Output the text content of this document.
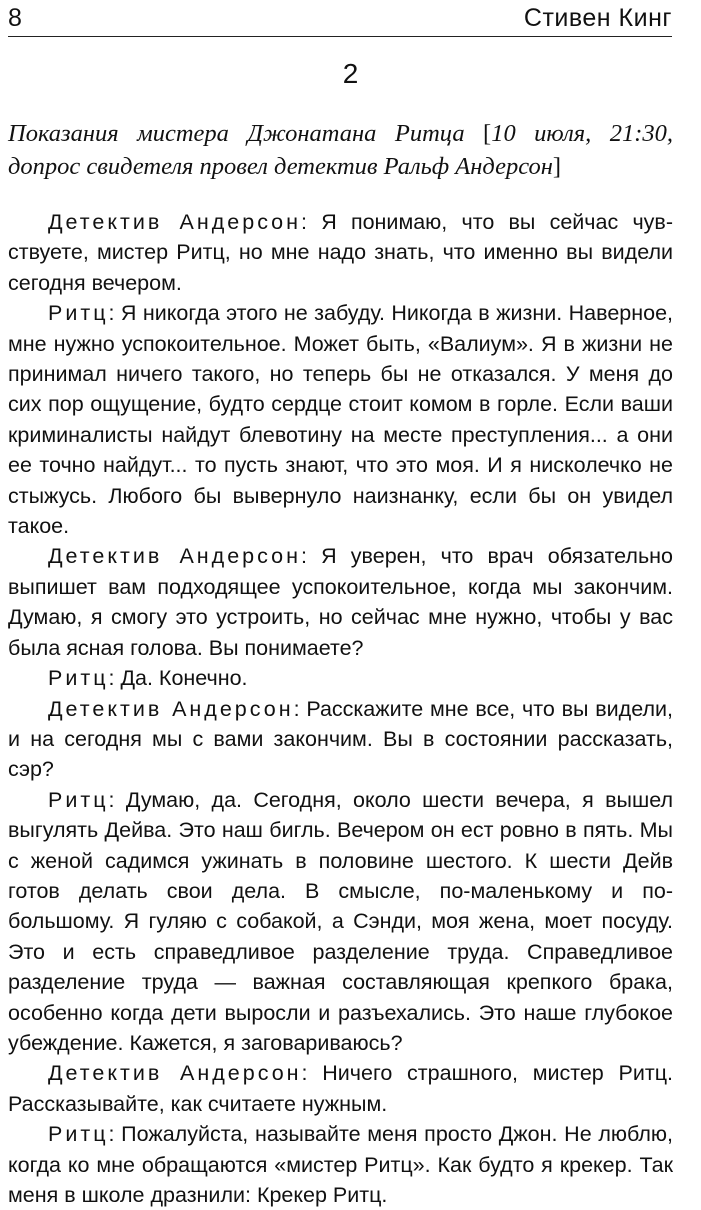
8	Стивен Кинг
2
Показания мистера Джонатана Ритца [10 июля, 21:30, допрос свидетеля провел детектив Ральф Андерсон]

Детектив Андерсон: Я понимаю, что вы сейчас чувствуете, мистер Ритц, но мне надо знать, что именно вы видели сегодня вечером.

Ритц: Я никогда этого не забуду. Никогда в жизни. Наверное, мне нужно успокоительное. Может быть, «Валиум». Я в жизни не принимал ничего такого, но теперь бы не отказался. У меня до сих пор ощущение, будто сердце стоит комом в горле. Если ваши криминалисты найдут блевотину на месте преступления... а они ее точно найдут... то пусть знают, что это моя. И я нисколечко не стыжусь. Любого бы вывернуло наизнанку, если бы он увидел такое.

Детектив Андерсон: Я уверен, что врач обязательно выпишет вам подходящее успокоительное, когда мы закончим. Думаю, я смогу это устроить, но сейчас мне нужно, чтобы у вас была ясная голова. Вы понимаете?

Ритц: Да. Конечно.

Детектив Андерсон: Расскажите мне все, что вы видели, и на сегодня мы с вами закончим. Вы в состоянии рассказать, сэр?

Ритц: Думаю, да. Сегодня, около шести вечера, я вышел выгулять Дейва. Это наш бигль. Вечером он ест ровно в пять. Мы с женой садимся ужинать в половине шестого. К шести Дейв готов делать свои дела. В смысле, по-маленькому и по-большому. Я гуляю с собакой, а Сэнди, моя жена, моет посуду. Это и есть справедливое разделение труда. Справедливое разделение труда — важная составляющая крепкого брака, особенно когда дети выросли и разъехались. Это наше глубокое убеждение. Кажется, я заговариваюсь?

Детектив Андерсон: Ничего страшного, мистер Ритц. Рассказывайте, как считаете нужным.

Ритц: Пожалуйста, называйте меня просто Джон. Не люблю, когда ко мне обращаются «мистер Ритц». Как будто я крекер. Так меня в школе дразнили: Крекер Ритц.
